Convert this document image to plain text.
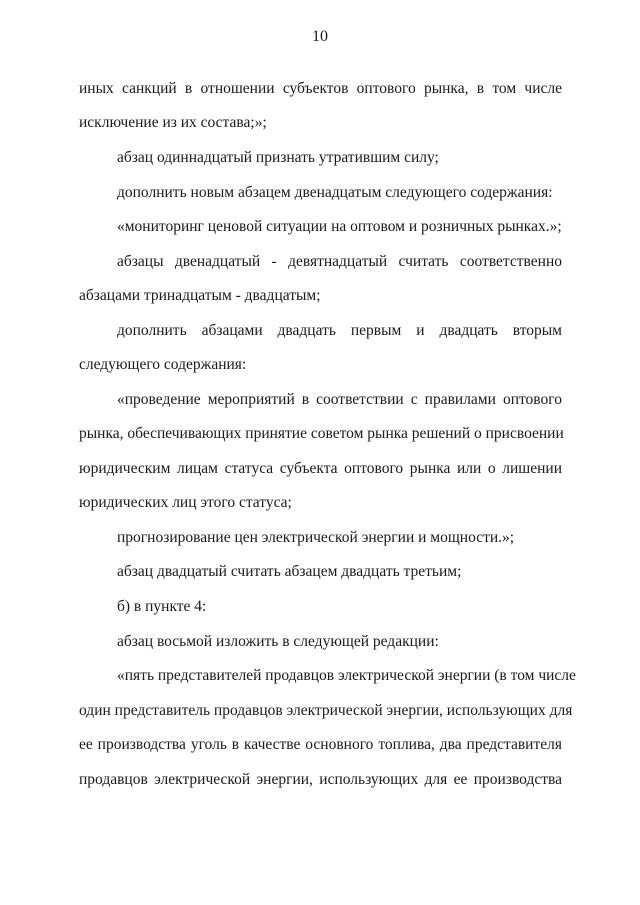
10
иных санкций в отношении субъектов оптового рынка, в том числе
исключение из их состава;»;
абзац одиннадцатый признать утратившим силу;
дополнить новым абзацем двенадцатым следующего содержания:
«мониторинг ценовой ситуации на оптовом и розничных рынках.»;
абзацы двенадцатый - девятнадцатый считать соответственно
абзацами тринадцатым - двадцатым;
дополнить абзацами двадцать первым и двадцать вторым
следующего содержания:
«проведение мероприятий в соответствии с правилами оптового
рынка, обеспечивающих принятие советом рынка решений о присвоении
юридическим лицам статуса субъекта оптового рынка или о лишении
юридических лиц этого статуса;
прогнозирование цен электрической энергии и мощности.»;
абзац двадцатый считать абзацем двадцать третьим;
б) в пункте 4:
абзац восьмой изложить в следующей редакции:
«пять представителей продавцов электрической энергии (в том числе
один представитель продавцов электрической энергии, использующих для
ее производства уголь в качестве основного топлива, два представителя
продавцов электрической энергии, использующих для ее производства
